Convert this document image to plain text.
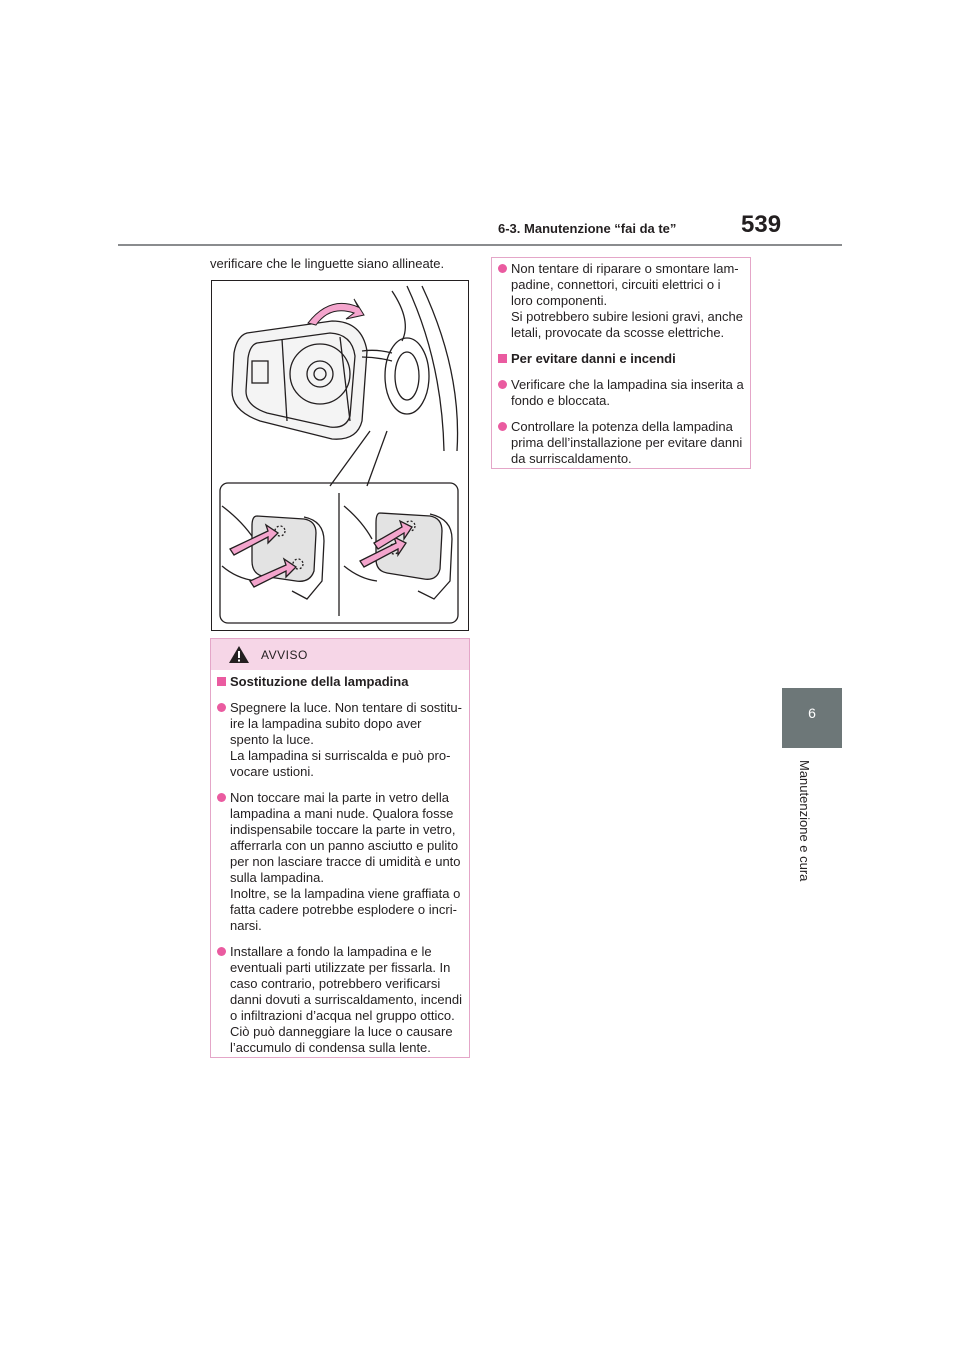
539
6-3. Manutenzione “fai da te”
6
Manutenzione e cura
verificare che le linguette siano allineate.
AVVISO
Sostituzione della lampadina
Spegnere la luce. Non tentare di sostitu-
ire la lampadina subito dopo aver
spento la luce.
La lampadina si surriscalda e può pro-
vocare ustioni.
Non toccare mai la parte in vetro della
lampadina a mani nude. Qualora fosse
indispensabile toccare la parte in vetro,
afferrarla con un panno asciutto e pulito
per non lasciare tracce di umidità e unto
sulla lampadina.
Inoltre, se la lampadina viene graffiata o
fatta cadere potrebbe esplodere o incri-
narsi.
Installare a fondo la lampadina e le
eventuali parti utilizzate per fissarla. In
caso contrario, potrebbero verificarsi
danni dovuti a surriscaldamento, incendi
o infiltrazioni d’acqua nel gruppo ottico.
Ciò può danneggiare la luce o causare
l’accumulo di condensa sulla lente.
Non tentare di riparare o smontare lam-
padine, connettori, circuiti elettrici o i
loro componenti.
Si potrebbero subire lesioni gravi, anche
letali, provocate da scosse elettriche.
Per evitare danni e incendi
Verificare che la lampadina sia inserita a
fondo e bloccata.
Controllare la potenza della lampadina
prima dell’installazione per evitare danni
da surriscaldamento.
